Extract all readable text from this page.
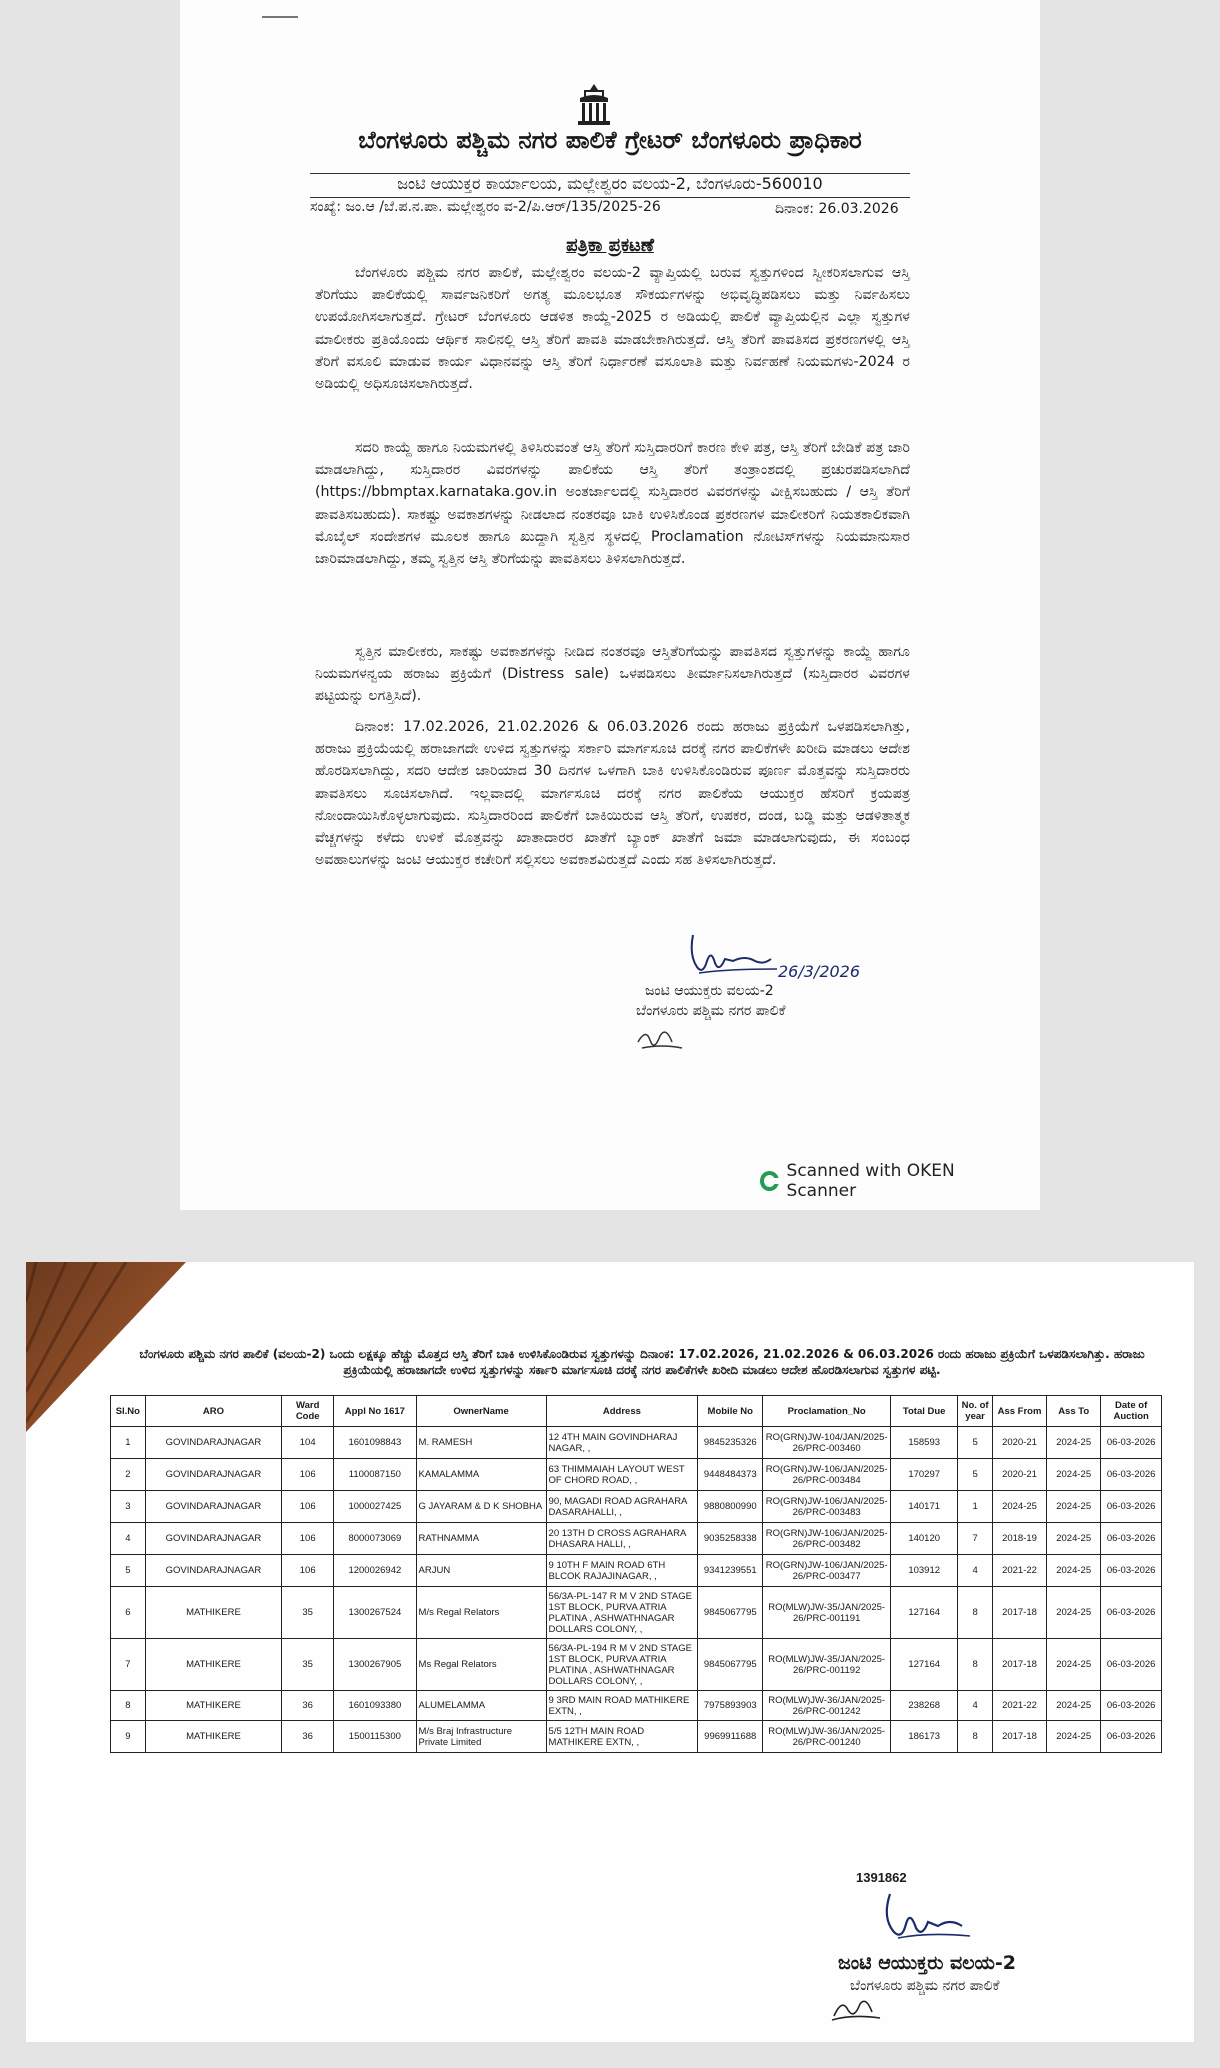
ಬೆಂಗಳೂರು ಪಶ್ಚಿಮ ನಗರ ಪಾಲಿಕೆ ಗ್ರೇಟರ್ ಬೆಂಗಳೂರು ಪ್ರಾಧಿಕಾರ
ಜಂಟಿ ಆಯುಕ್ತರ ಕಾರ್ಯಾಲಯ, ಮಲ್ಲೇಶ್ವರಂ ವಲಯ-2, ಬೆಂಗಳೂರು-560010
ಸಂಖ್ಯೆ: ಜಂ.ಆ /ಬೆ.ಪ.ನ.ಪಾ. ಮಲ್ಲೇಶ್ವರಂ ವ-2/ಪಿ.ಆರ್/135/2025-26	ದಿನಾಂಕ: 26.03.2026
ಪತ್ರಿಕಾ ಪ್ರಕಟಣೆ
ಬೆಂಗಳೂರು ಪಶ್ಚಿಮ ನಗರ ಪಾಲಿಕೆ, ಮಲ್ಲೇಶ್ವರಂ ವಲಯ-2 ವ್ಯಾಪ್ತಿಯಲ್ಲಿ ಬರುವ ಸ್ವತ್ತುಗಳಿಂದ ಸ್ವೀಕರಿಸಲಾಗುವ ಆಸ್ತಿ ತೆರಿಗೆಯು ಪಾಲಿಕೆಯಲ್ಲಿ ಸಾರ್ವಜನಿಕರಿಗೆ ಅಗತ್ಯ ಮೂಲಭೂತ ಸೌಕರ್ಯಗಳನ್ನು ಅಭಿವೃದ್ಧಿಪಡಿಸಲು ಮತ್ತು ನಿರ್ವಹಿಸಲು ಉಪಯೋಗಿಸಲಾಗುತ್ತದೆ. ಗ್ರೇಟರ್ ಬೆಂಗಳೂರು ಆಡಳಿತ ಕಾಯ್ದೆ-2025 ರ ಅಡಿಯಲ್ಲಿ ಪಾಲಿಕೆ ವ್ಯಾಪ್ತಿಯಲ್ಲಿನ ಎಲ್ಲಾ ಸ್ವತ್ತುಗಳ ಮಾಲೀಕರು ಪ್ರತಿಯೊಂದು ಆರ್ಥಿಕ ಸಾಲಿನಲ್ಲಿ ಆಸ್ತಿ ತೆರಿಗೆ ಪಾವತಿ ಮಾಡಬೇಕಾಗಿರುತ್ತದೆ. ಆಸ್ತಿ ತೆರಿಗೆ ಪಾವತಿಸದ ಪ್ರಕರಣಗಳಲ್ಲಿ ಆಸ್ತಿ ತೆರಿಗೆ ವಸೂಲಿ ಮಾಡುವ ಕಾರ್ಯ ವಿಧಾನವನ್ನು ಆಸ್ತಿ ತೆರಿಗೆ ನಿರ್ಧಾರಣೆ ವಸೂಲಾತಿ ಮತ್ತು ನಿರ್ವಹಣೆ ನಿಯಮಗಳು-2024 ರ ಅಡಿಯಲ್ಲಿ ಅಧಿಸೂಚಿಸಲಾಗಿರುತ್ತದೆ.
ಸದರಿ ಕಾಯ್ದೆ ಹಾಗೂ ನಿಯಮಗಳಲ್ಲಿ ತಿಳಿಸಿರುವಂತೆ ಆಸ್ತಿ ತೆರಿಗೆ ಸುಸ್ತಿದಾರರಿಗೆ ಕಾರಣ ಕೇಳಿ ಪತ್ರ, ಆಸ್ತಿ ತೆರಿಗೆ ಬೇಡಿಕೆ ಪತ್ರ ಜಾರಿ ಮಾಡಲಾಗಿದ್ದು, ಸುಸ್ತಿದಾರರ ವಿವರಗಳನ್ನು ಪಾಲಿಕೆಯ ಆಸ್ತಿ ತೆರಿಗೆ ತಂತ್ರಾಂಶದಲ್ಲಿ ಪ್ರಚುರಪಡಿಸಲಾಗಿದೆ (https://bbmptax.karnataka.gov.in ಅಂತರ್ಜಾಲದಲ್ಲಿ ಸುಸ್ತಿದಾರರ ವಿವರಗಳನ್ನು ವೀಕ್ಷಿಸಬಹುದು / ಆಸ್ತಿ ತೆರಿಗೆ ಪಾವತಿಸಬಹುದು). ಸಾಕಷ್ಟು ಅವಕಾಶಗಳನ್ನು ನೀಡಲಾದ ನಂತರವೂ ಬಾಕಿ ಉಳಿಸಿಕೊಂಡ ಪ್ರಕರಣಗಳ ಮಾಲೀಕರಿಗೆ ನಿಯತಕಾಲಿಕವಾಗಿ ಮೊಬೈಲ್ ಸಂದೇಶಗಳ ಮೂಲಕ ಹಾಗೂ ಖುದ್ದಾಗಿ ಸ್ವತ್ತಿನ ಸ್ಥಳದಲ್ಲಿ Proclamation ನೋಟಿಸ್‌ಗಳನ್ನು ನಿಯಮಾನುಸಾರ ಜಾರಿಮಾಡಲಾಗಿದ್ದು, ತಮ್ಮ ಸ್ವತ್ತಿನ ಆಸ್ತಿ ತೆರಿಗೆಯನ್ನು ಪಾವತಿಸಲು ತಿಳಿಸಲಾಗಿರುತ್ತದೆ.
ಸ್ವತ್ತಿನ ಮಾಲೀಕರು, ಸಾಕಷ್ಟು ಅವಕಾಶಗಳನ್ನು ನೀಡಿದ ನಂತರವೂ ಆಸ್ತಿತೆರಿಗೆಯನ್ನು ಪಾವತಿಸದ ಸ್ವತ್ತುಗಳನ್ನು ಕಾಯ್ದೆ ಹಾಗೂ ನಿಯಮಗಳನ್ವಯ ಹರಾಜು ಪ್ರಕ್ರಿಯೆಗೆ (Distress sale) ಒಳಪಡಿಸಲು ತೀರ್ಮಾನಿಸಲಾಗಿರುತ್ತದೆ (ಸುಸ್ತಿದಾರರ ವಿವರಗಳ ಪಟ್ಟಿಯನ್ನು ಲಗತ್ತಿಸಿದೆ).
ದಿನಾಂಕ: 17.02.2026, 21.02.2026 & 06.03.2026 ರಂದು ಹರಾಜು ಪ್ರಕ್ರಿಯೆಗೆ ಒಳಪಡಿಸಲಾಗಿತ್ತು, ಹರಾಜು ಪ್ರಕ್ರಿಯೆಯಲ್ಲಿ ಹರಾಜಾಗದೇ ಉಳಿದ ಸ್ವತ್ತುಗಳನ್ನು ಸರ್ಕಾರಿ ಮಾರ್ಗಸೂಚಿ ದರಕ್ಕೆ ನಗರ ಪಾಲಿಕೆಗಳೇ ಖರೀದಿ ಮಾಡಲು ಆದೇಶ ಹೊರಡಿಸಲಾಗಿದ್ದು, ಸದರಿ ಆದೇಶ ಜಾರಿಯಾದ 30 ದಿನಗಳ ಒಳಗಾಗಿ ಬಾಕಿ ಉಳಿಸಿಕೊಂಡಿರುವ ಪೂರ್ಣ ಮೊತ್ತವನ್ನು ಸುಸ್ತಿದಾರರು ಪಾವತಿಸಲು ಸೂಚಿಸಲಾಗಿದೆ. ಇಲ್ಲವಾದಲ್ಲಿ ಮಾರ್ಗಸೂಚಿ ದರಕ್ಕೆ ನಗರ ಪಾಲಿಕೆಯ ಆಯುಕ್ತರ ಹೆಸರಿಗೆ ಕ್ರಯಪತ್ರ ನೋಂದಾಯಿಸಿಕೊಳ್ಳಲಾಗುವುದು. ಸುಸ್ತಿದಾರರಿಂದ ಪಾಲಿಕೆಗೆ ಬಾಕಿಯಿರುವ ಆಸ್ತಿ ತೆರಿಗೆ, ಉಪಕರ, ದಂಡ, ಬಡ್ಡಿ ಮತ್ತು ಆಡಳಿತಾತ್ಮಕ ವೆಚ್ಚಗಳನ್ನು ಕಳೆದು ಉಳಿಕೆ ಮೊತ್ತವನ್ನು ಖಾತಾದಾರರ ಖಾತೆಗೆ ಬ್ಯಾಂಕ್ ಖಾತೆಗೆ ಜಮಾ ಮಾಡಲಾಗುವುದು, ಈ ಸಂಬಂಧ ಅವಹಾಲುಗಳನ್ನು ಜಂಟಿ ಆಯುಕ್ತರ ಕಚೇರಿಗೆ ಸಲ್ಲಿಸಲು ಅವಕಾಶವಿರುತ್ತದೆ ಎಂದು ಸಹ ತಿಳಿಸಲಾಗಿರುತ್ತದೆ.
26/3/2026
ಜಂಟಿ ಆಯುಕ್ತರು ವಲಯ-2
ಬೆಂಗಳೂರು ಪಶ್ಚಿಮ ನಗರ ಪಾಲಿಕೆ
Scanned with OKEN Scanner
ಬೆಂಗಳೂರು ಪಶ್ಚಿಮ ನಗರ ಪಾಲಿಕೆ (ವಲಯ-2) ಒಂದು ಲಕ್ಷಕ್ಕೂ ಹೆಚ್ಚು ಮೊತ್ತದ ಆಸ್ತಿ ತೆರಿಗೆ ಬಾಕಿ ಉಳಿಸಿಕೊಂಡಿರುವ ಸ್ವತ್ತುಗಳನ್ನು ದಿನಾಂಕ: 17.02.2026, 21.02.2026 & 06.03.2026 ರಂದು ಹರಾಜು ಪ್ರಕ್ರಿಯೆಗೆ ಒಳಪಡಿಸಲಾಗಿತ್ತು. ಹರಾಜು ಪ್ರಕ್ರಿಯೆಯಲ್ಲಿ ಹರಾಜಾಗದೇ ಉಳಿದ ಸ್ವತ್ತುಗಳನ್ನು ಸರ್ಕಾರಿ ಮಾರ್ಗಸೂಚಿ ದರಕ್ಕೆ ನಗರ ಪಾಲಿಕೆಗಳೇ ಖರೀದಿ ಮಾಡಲು ಆದೇಶ ಹೊರಡಿಸಲಾಗುವ ಸ್ವತ್ತುಗಳ ಪಟ್ಟಿ.
Sl.No	ARO	Ward Code	Appl No 1617	OwnerName	Address	Mobile No	Proclamation_No	Total Due	No. of year	Ass From	Ass To	Date of Auction
1	GOVINDARAJNAGAR	104	1601098843	M. RAMESH	12 4TH MAIN GOVINDHARAJ NAGAR, ,	9845235326	RO(GRN)JW-104/JAN/2025-26/PRC-003460	158593	5	2020-21	2024-25	06-03-2026
2	GOVINDARAJNAGAR	106	1100087150	KAMALAMMA	63 THIMMAIAH LAYOUT WEST OF CHORD ROAD, ,	9448484373	RO(GRN)JW-106/JAN/2025-26/PRC-003484	170297	5	2020-21	2024-25	06-03-2026
3	GOVINDARAJNAGAR	106	1000027425	G JAYARAM & D K SHOBHA	90, MAGADI ROAD AGRAHARA DASARAHALLI, ,	9880800990	RO(GRN)JW-106/JAN/2025-26/PRC-003483	140171	1	2024-25	2024-25	06-03-2026
4	GOVINDARAJNAGAR	106	8000073069	RATHNAMMA	20 13TH D CROSS AGRAHARA DHASARA HALLI, ,	9035258338	RO(GRN)JW-106/JAN/2025-26/PRC-003482	140120	7	2018-19	2024-25	06-03-2026
5	GOVINDARAJNAGAR	106	1200026942	ARJUN	9 10TH F MAIN ROAD 6TH BLCOK RAJAJINAGAR, ,	9341239551	RO(GRN)JW-106/JAN/2025-26/PRC-003477	103912	4	2021-22	2024-25	06-03-2026
6	MATHIKERE	35	1300267524	M/s Regal Relators	56/3A-PL-147 R M V 2ND STAGE 1ST BLOCK, PURVA ATRIA PLATINA , ASHWATHNAGAR DOLLARS COLONY, ,	9845067795	RO(MLW)JW-35/JAN/2025-26/PRC-001191	127164	8	2017-18	2024-25	06-03-2026
7	MATHIKERE	35	1300267905	Ms Regal Relators	56/3A-PL-194 R M V 2ND STAGE 1ST BLOCK, PURVA ATRIA PLATINA , ASHWATHNAGAR DOLLARS COLONY, ,	9845067795	RO(MLW)JW-35/JAN/2025-26/PRC-001192	127164	8	2017-18	2024-25	06-03-2026
8	MATHIKERE	36	1601093380	ALUMELAMMA	9 3RD MAIN ROAD MATHIKERE EXTN, ,	7975893903	RO(MLW)JW-36/JAN/2025-26/PRC-001242	238268	4	2021-22	2024-25	06-03-2026
9	MATHIKERE	36	1500115300	M/s Braj Infrastructure Private Limited	5/5 12TH MAIN ROAD MATHIKERE EXTN, ,	9969911688	RO(MLW)JW-36/JAN/2025-26/PRC-001240	186173	8	2017-18	2024-25	06-03-2026
1391862
ಜಂಟಿ ಆಯುಕ್ತರು ವಲಯ-2
ಬೆಂಗಳೂರು ಪಶ್ಚಿಮ ನಗರ ಪಾಲಿಕೆ
